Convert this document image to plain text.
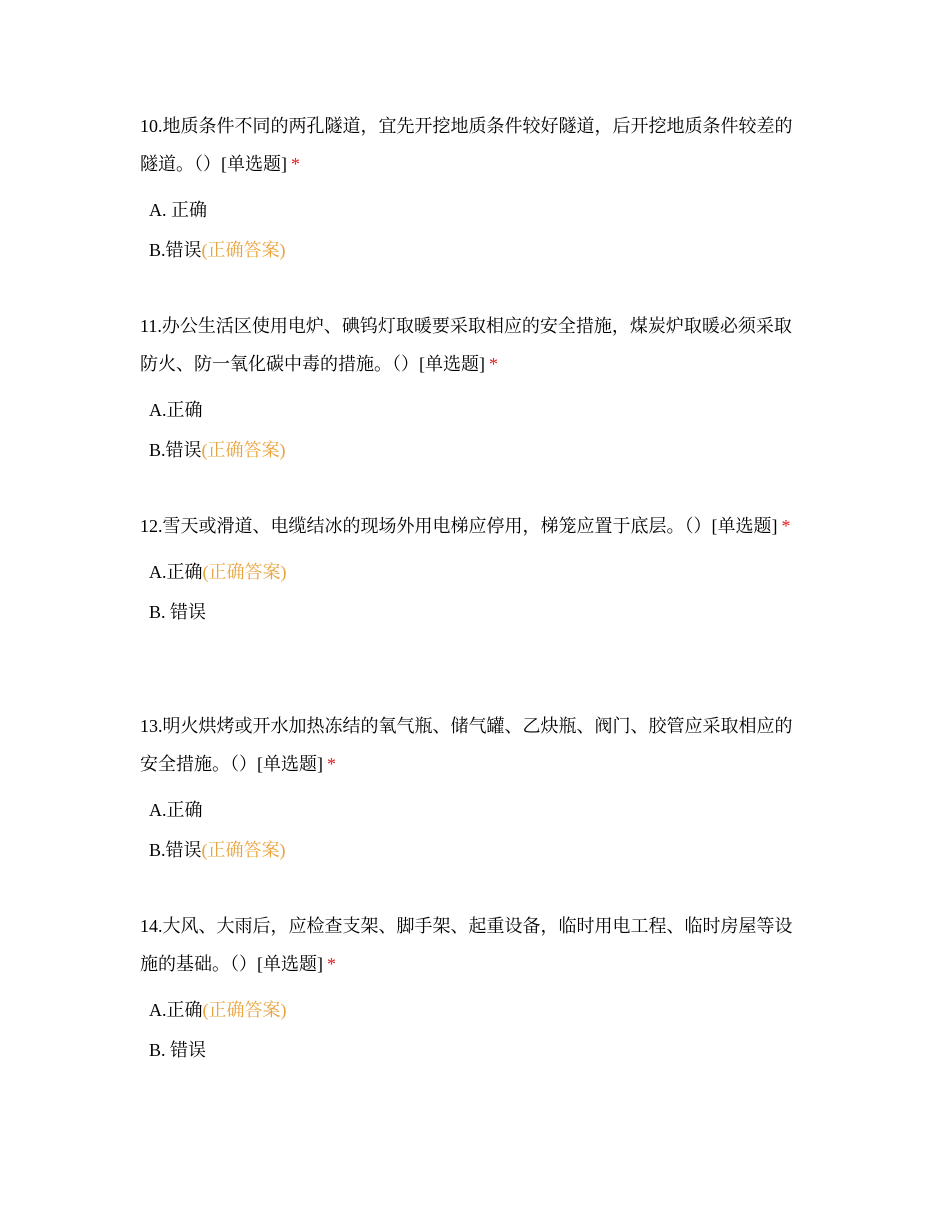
10.地质条件不同的两孔隧道，宜先开挖地质条件较好隧道，后开挖地质条件较差的隧道。（）[单选题] *

A. 正确
B.错误(正确答案)

11.办公生活区使用电炉、碘钨灯取暖要采取相应的安全措施，煤炭炉取暖必须采取防火、防一氧化碳中毒的措施。（）[单选题] *

A.正确
B.错误(正确答案)

12.雪天或滑道、电缆结冰的现场外用电梯应停用，梯笼应置于底层。（）[单选题] *

A.正确(正确答案)
B. 错误

13.明火烘烤或开水加热冻结的氧气瓶、储气罐、乙炔瓶、阀门、胶管应采取相应的安全措施。（）[单选题] *

A.正确
B.错误(正确答案)

14.大风、大雨后，应检查支架、脚手架、起重设备，临时用电工程、临时房屋等设施的基础。（）[单选题] *

A.正确(正确答案)
B. 错误
